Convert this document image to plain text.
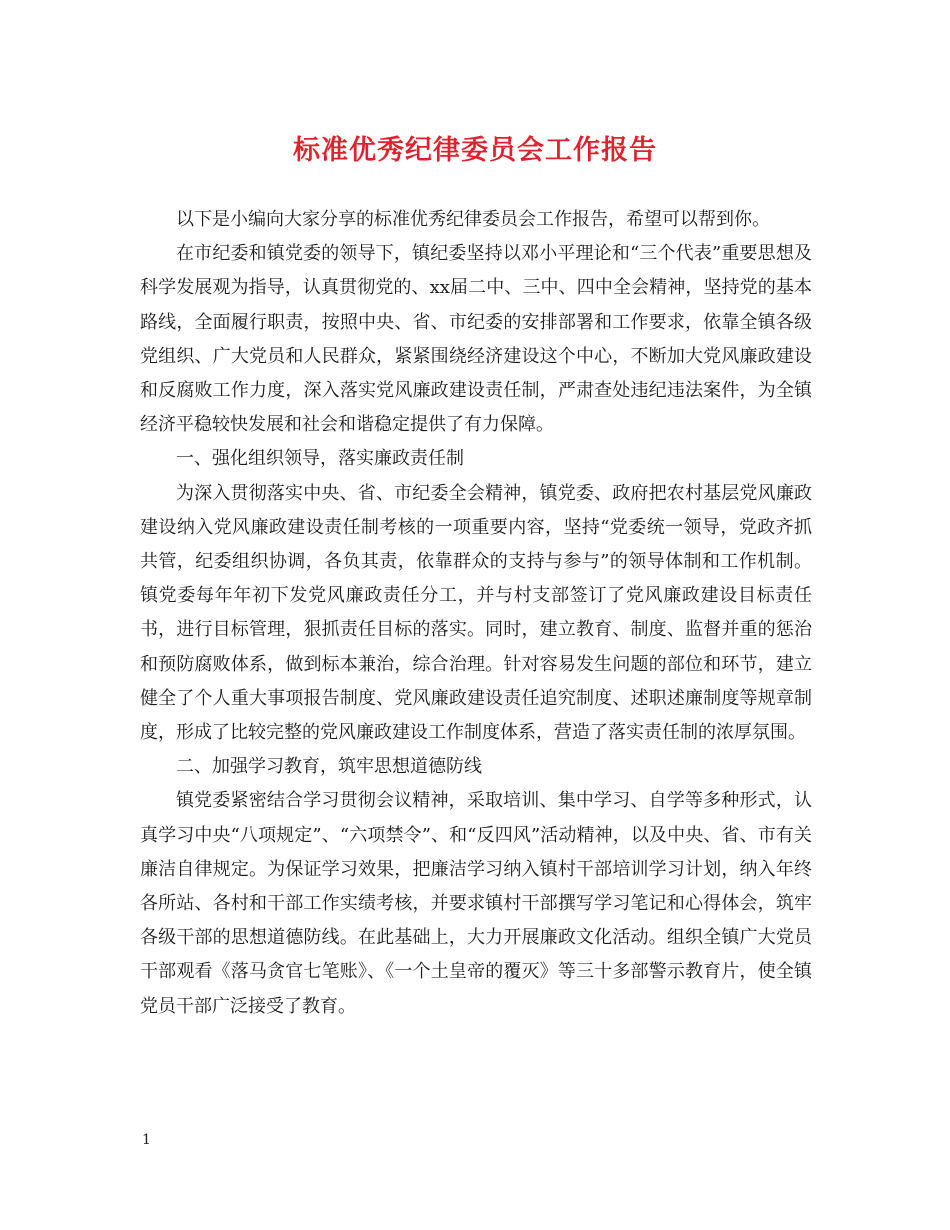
标准优秀纪律委员会工作报告

以下是小编向大家分享的标准优秀纪律委员会工作报告，希望可以帮到你。

在市纪委和镇党委的领导下，镇纪委坚持以邓小平理论和“三个代表”重要思想及科学发展观为指导，认真贯彻党的、xx届二中、三中、四中全会精神，坚持党的基本路线，全面履行职责，按照中央、省、市纪委的安排部署和工作要求，依靠全镇各级党组织、广大党员和人民群众，紧紧围绕经济建设这个中心，不断加大党风廉政建设和反腐败工作力度，深入落实党风廉政建设责任制，严肃查处违纪违法案件，为全镇经济平稳较快发展和社会和谐稳定提供了有力保障。

一、强化组织领导，落实廉政责任制

为深入贯彻落实中央、省、市纪委全会精神，镇党委、政府把农村基层党风廉政建设纳入党风廉政建设责任制考核的一项重要内容，坚持“党委统一领导，党政齐抓共管，纪委组织协调，各负其责，依靠群众的支持与参与”的领导体制和工作机制。镇党委每年年初下发党风廉政责任分工，并与村支部签订了党风廉政建设目标责任书，进行目标管理，狠抓责任目标的落实。同时，建立教育、制度、监督并重的惩治和预防腐败体系，做到标本兼治，综合治理。针对容易发生问题的部位和环节，建立健全了个人重大事项报告制度、党风廉政建设责任追究制度、述职述廉制度等规章制度，形成了比较完整的党风廉政建设工作制度体系，营造了落实责任制的浓厚氛围。

二、加强学习教育，筑牢思想道德防线

镇党委紧密结合学习贯彻会议精神，采取培训、集中学习、自学等多种形式，认真学习中央“八项规定”、“六项禁令”、和“反四风”活动精神，以及中央、省、市有关廉洁自律规定。为保证学习效果，把廉洁学习纳入镇村干部培训学习计划，纳入年终各所站、各村和干部工作实绩考核，并要求镇村干部撰写学习笔记和心得体会，筑牢各级干部的思想道德防线。在此基础上，大力开展廉政文化活动。组织全镇广大党员干部观看《落马贪官七笔账》、《一个土皇帝的覆灭》等三十多部警示教育片，使全镇党员干部广泛接受了教育。

1
